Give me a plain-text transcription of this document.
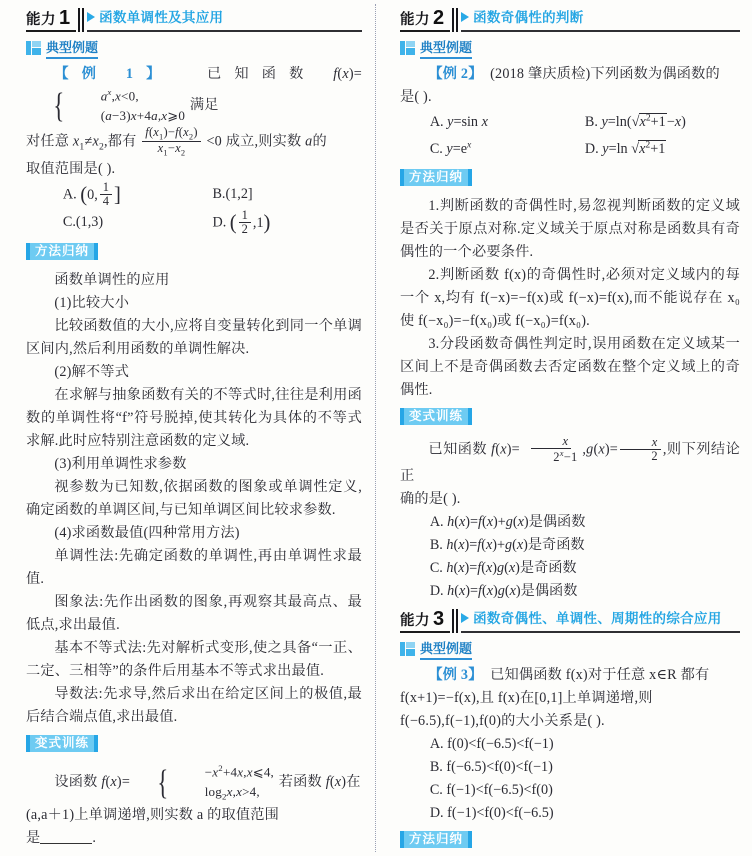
能力 1 函数单调性及其应用
典型例题

【例 1】 已知函数 f(x)=
{	$a^x,x<0$,
(a−3)x+4a,x⩾0
满足

对任意 $x_1\ne x_2$,都有 $\frac{f(x_1)-f(x_2)}{x_1-x_2} <0$ 成立,则实数 a的

取值范围是( ).

A. ( 0, $\frac{1}{4}$ ]	B.(1,2]
C.(1,3)	D. ( $\frac{1}{2} ,1$ )
方法归纳

函数单调性的应用

(1)比较大小

比较函数值的大小,应将自变量转化到同一个单调区间内,然后利用函数的单调性解决.

(2)解不等式

在求解与抽象函数有关的不等式时,往往是利用函数的单调性将“f”符号脱掉,使其转化为具体的不等式求解.此时应特别注意函数的定义域.

(3)利用单调性求参数

视参数为已知数,依据函数的图象或单调性定义,确定函数的单调区间,与已知单调区间比较求参数.

(4)求函数最值(四种常用方法)

单调性法:先确定函数的单调性,再由单调性求最值.

图象法:先作出函数的图象,再观察其最高点、最低点,求出最值.

基本不等式法:先对解析式变形,使之具备“一正、二定、三相等”的条件后用基本不等式求出最值.

导数法:先求导,然后求出在给定区间上的极值,最后结合端点值,求出最值.

变式训练

设函数 f(x)= {	$-x^2+4x,x⩽4$,
$\log_2x,x>4$,
若函数 f(x)在

(a,a＋1)上单调递增,则实数 a 的取值范围

是	.

能力 2 函数奇偶性的判断
典型例题

【例 2】 (2018 肇庆质检)下列函数为偶函数的

是( ).

A. y=sin x	B. $y=\ln(√x^2+1-x)$
C. $y=e^x$	D. y=ln $√x^2+1$
方法归纳

1.判断函数的奇偶性时,易忽视判断函数的定义域是否关于原点对称.定义域关于原点对称是函数具有奇偶性的一个必要条件.

2.判断函数 f(x)的奇偶性时,必须对定义域内的每一个 x,均有 f(−x)=−f(x)或 f(−x)=f(x),而不能说存在 x₀ 使 f(−x₀)=−f(x₀)或 f(−x₀)=f(x₀).

3.分段函数奇偶性判定时,误用函数在定义域某一区间上不是奇偶函数去否定函数在整个定义域上的奇偶性.

变式训练

已知函数 $f(x)= \frac{x}{2^x-1} ,g(x)= \frac{x}{2}$ ,则下列结论正

确的是( ).

A. h(x)=f(x)+g(x)是偶函数

B. h(x)=f(x)+g(x)是奇函数

C. h(x)=f(x)g(x)是奇函数

D. h(x)=f(x)g(x)是偶函数

能力 3 函数奇偶性、单调性、周期性的综合应用
典型例题

【例 3】 已知偶函数 f(x)对于任意 x∈R 都有

f(x+1)=−f(x),且 f(x)在[0,1]上单调递增,则

f(−6.5),f(−1),f(0)的大小关系是( ).

A. f(0)<f(−6.5)<f(−1)

B. f(−6.5)<f(0)<f(−1)

C. f(−1)<f(−6.5)<f(0)

D. f(−1)<f(0)<f(−6.5)

方法归纳
